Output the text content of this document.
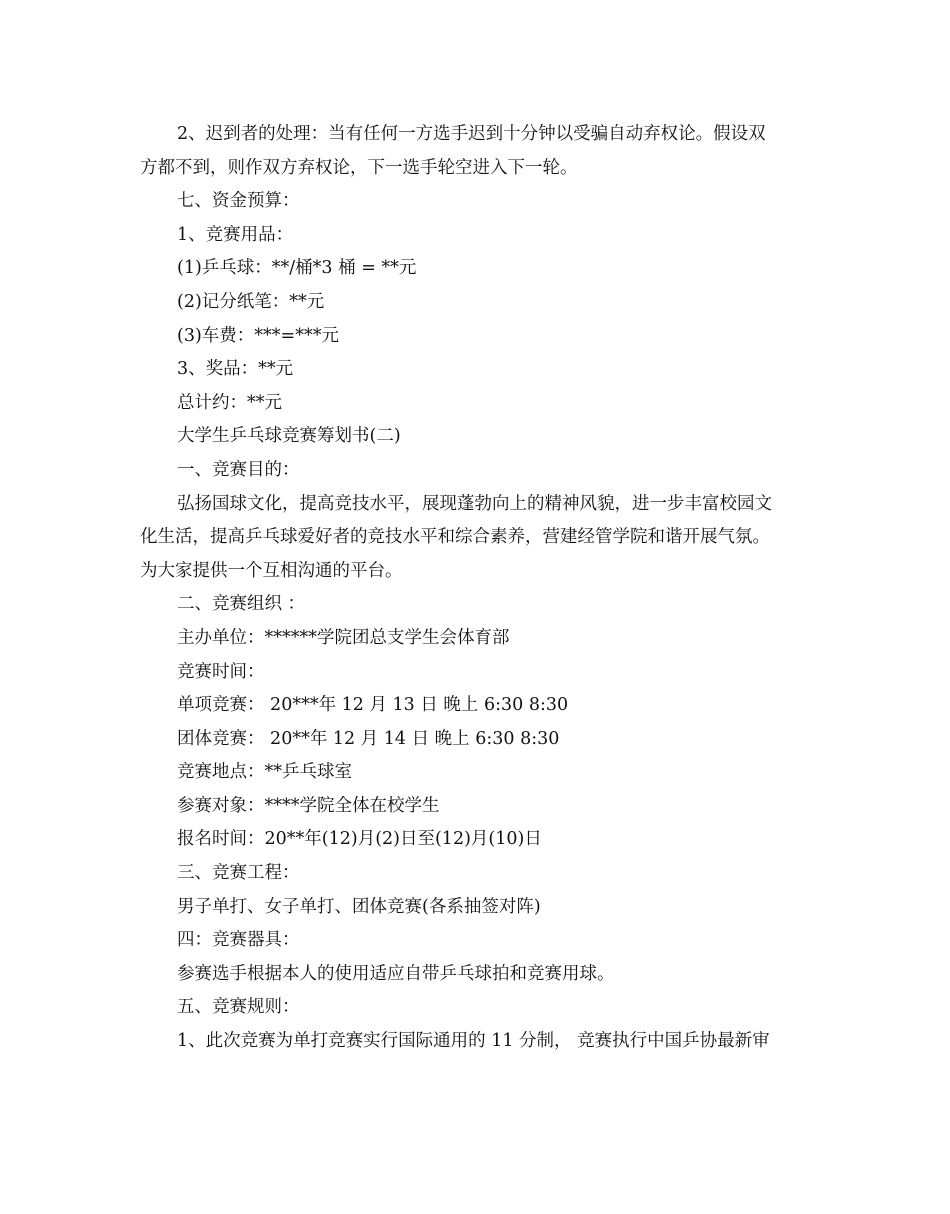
2、迟到者的处理：当有任何一方选手迟到十分钟以受骗自动弃权论。假设双

方都不到，则作双方弃权论，下一选手轮空进入下一轮。

七、资金预算：

1、竞赛用品：

(1)乒乓球：**/桶*3 桶 = **元

(2)记分纸笔：**元

(3)车费：***=***元

3、奖品：**元

总计约：**元

大学生乒乓球竞赛筹划书(二)

一、竞赛目的：

弘扬国球文化，提高竞技水平，展现蓬勃向上的精神风貌，进一步丰富校园文

化生活，提高乒乓球爱好者的竞技水平和综合素养，营建经管学院和谐开展气氛。

为大家提供一个互相沟通的平台。

二、竞赛组织 ：

主办单位：******学院团总支学生会体育部

竞赛时间：

单项竞赛： 20***年 12 月 13 日 晚上 6:30 8:30

团体竞赛： 20**年 12 月 14 日 晚上 6:30 8:30

竞赛地点：**乒乓球室

参赛对象：****学院全体在校学生

报名时间：20**年(12)月(2)日至(12)月(10)日

三、竞赛工程：

男子单打、女子单打、团体竞赛(各系抽签对阵)

四：竞赛器具：

参赛选手根据本人的使用适应自带乒乓球拍和竞赛用球。

五、竞赛规则：

1、此次竞赛为单打竞赛实行国际通用的 11 分制， 竞赛执行中国乒协最新审
